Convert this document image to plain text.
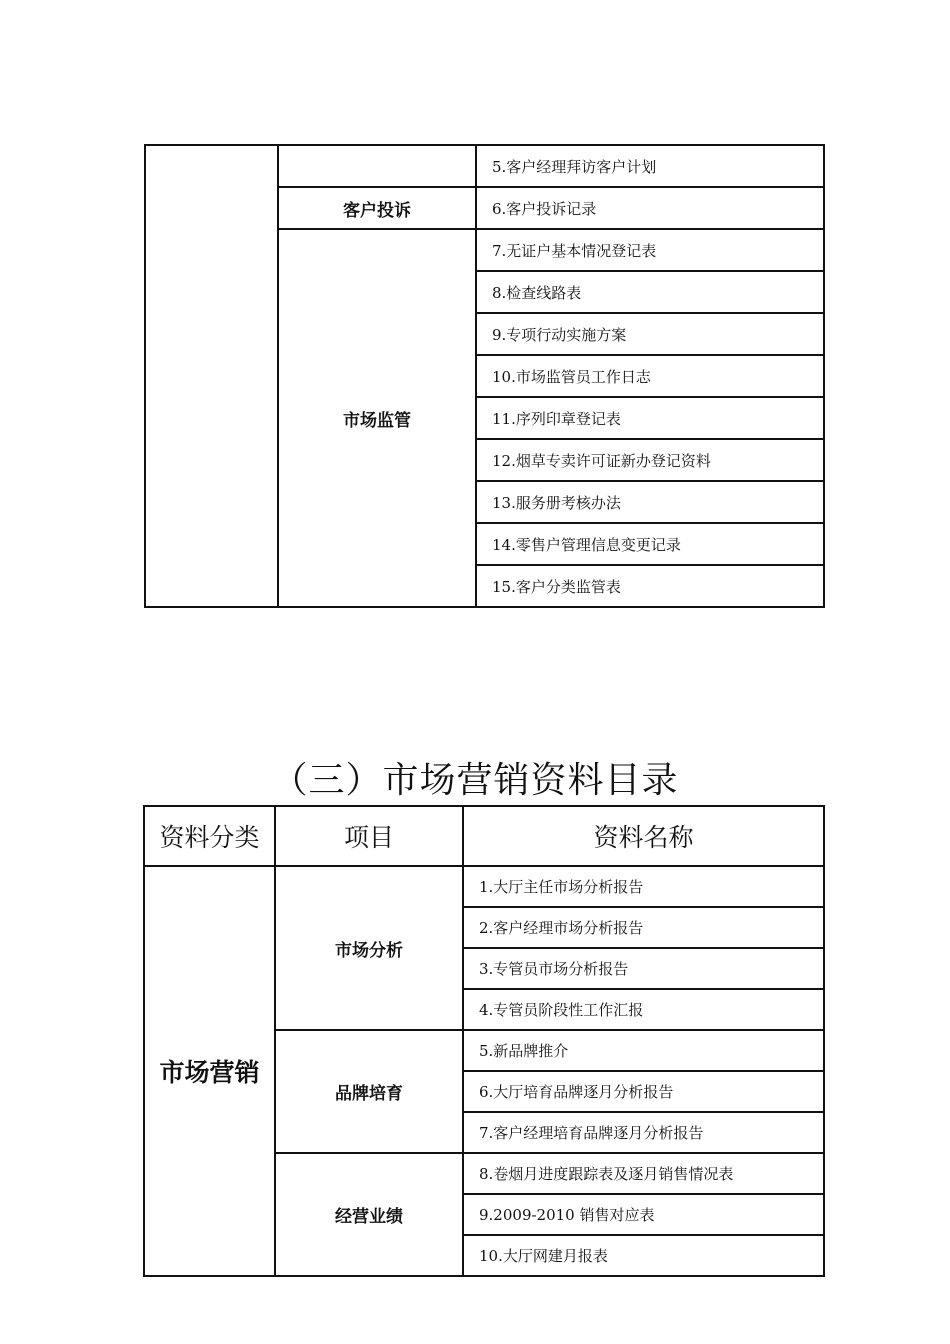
		5.客户经理拜访客户计划
	客户投诉	6.客户投诉记录
	市场监管	7.无证户基本情况登记表
		8.检查线路表
		9.专项行动实施方案
		10.市场监管员工作日志
		11.序列印章登记表
		12.烟草专卖许可证新办登记资料
		13.服务册考核办法
		14.零售户管理信息变更记录
		15.客户分类监管表
（三）市场营销资料目录
资料分类	项目	资料名称
市场营销	市场分析	1.大厅主任市场分析报告
		2.客户经理市场分析报告
		3.专管员市场分析报告
		4.专管员阶段性工作汇报
	品牌培育	5.新品牌推介
		6.大厅培育品牌逐月分析报告
		7.客户经理培育品牌逐月分析报告
	经营业绩	8.卷烟月进度跟踪表及逐月销售情况表
		9.2009-2010 销售对应表
		10.大厅网建月报表
